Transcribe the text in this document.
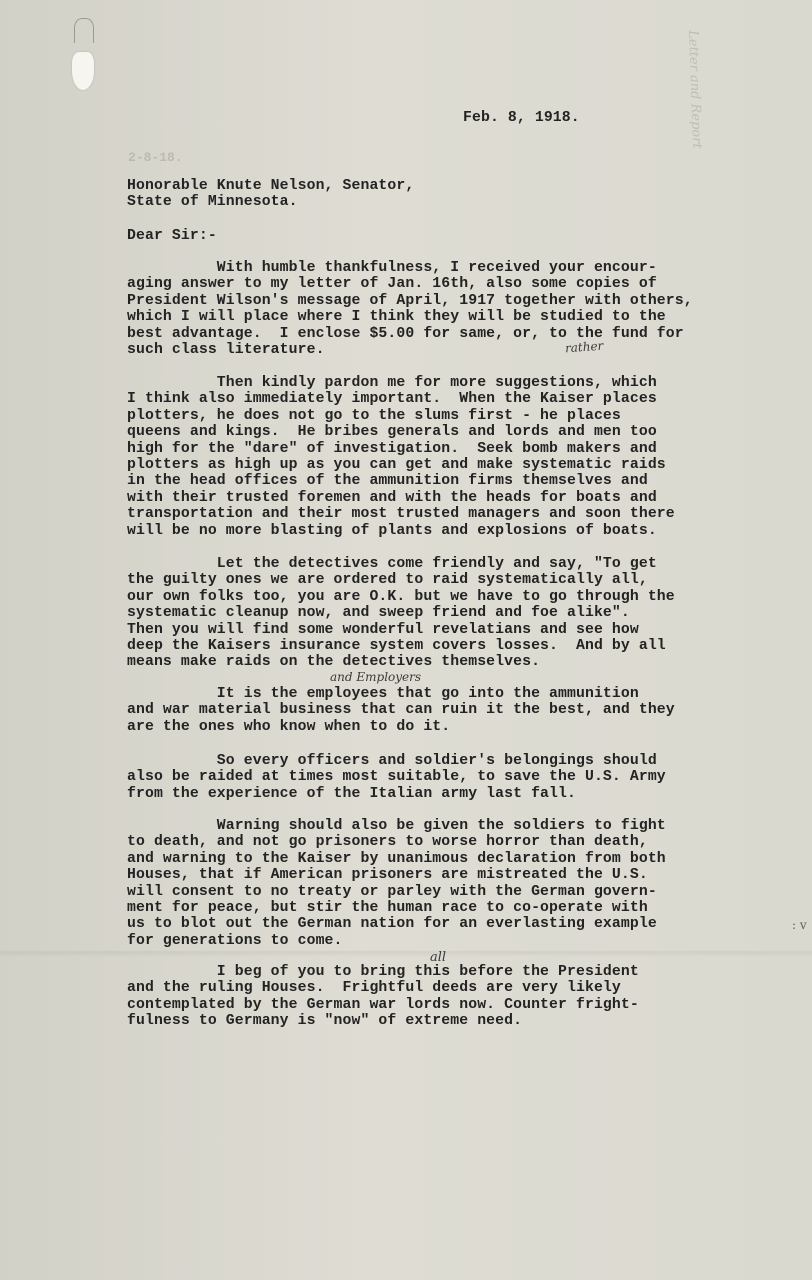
Letter and Report
2-8-18.
Feb. 8, 1918.
Honorable Knute Nelson, Senator,
State of Minnesota.
Dear Sir:-
With humble thankfulness, I received your encour-
aging answer to my letter of Jan. 16th, also some copies of
President Wilson's message of April, 1917 together with others,
which I will place where I think they will be studied to the
best advantage.  I enclose $5.00 for same, or, to the fund for
such class literature.
Then kindly pardon me for more suggestions, which
I think also immediately important.  When the Kaiser places
plotters, he does not go to the slums first - he places
queens and kings.  He bribes generals and lords and men too
high for the "dare" of investigation.  Seek bomb makers and
plotters as high up as you can get and make systematic raids
in the head offices of the ammunition firms themselves and
with their trusted foremen and with the heads for boats and
transportation and their most trusted managers and soon there
will be no more blasting of plants and explosions of boats.
Let the detectives come friendly and say, "To get
the guilty ones we are ordered to raid systematically all,
our own folks too, you are O.K. but we have to go through the
systematic cleanup now, and sweep friend and foe alike".
Then you will find some wonderful revelatians and see how
deep the Kaisers insurance system covers losses.  And by all
means make raids on the detectives themselves.
It is the employees that go into the ammunition
and war material business that can ruin it the best, and they
are the ones who know when to do it.
So every officers and soldier's belongings should
also be raided at times most suitable, to save the U.S. Army
from the experience of the Italian army last fall.
Warning should also be given the soldiers to fight
to death, and not go prisoners to worse horror than death,
and warning to the Kaiser by unanimous declaration from both
Houses, that if American prisoners are mistreated the U.S.
will consent to no treaty or parley with the German govern-
ment for peace, but stir the human race to co-operate with
us to blot out the German nation for an everlasting example
for generations to come.
I beg of you to bring this before the President
and the ruling Houses.  Frightful deeds are very likely
contemplated by the German war lords now. Counter fright-
fulness to Germany is "now" of extreme need.
rather
and Employers
all
: v
